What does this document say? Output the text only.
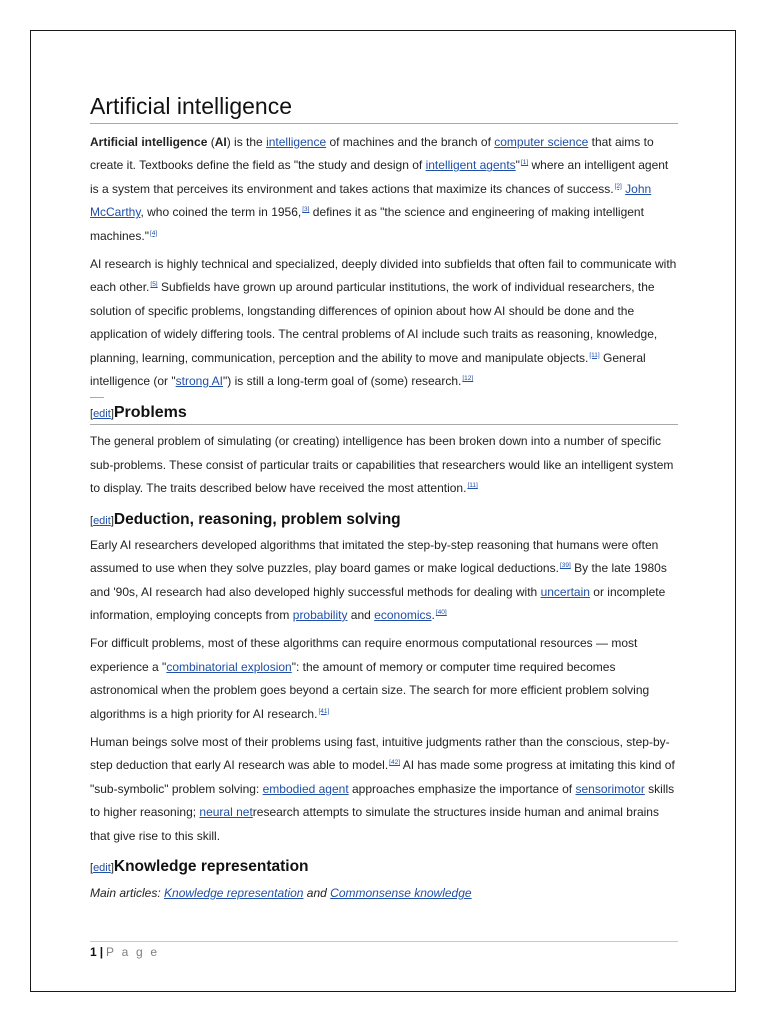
Artificial intelligence

Artificial intelligence (AI) is the intelligence of machines and the branch of computer science that aims to create it. Textbooks define the field as "the study and design of intelligent agents"[1] where an intelligent agent is a system that perceives its environment and takes actions that maximize its chances of success.[2] John McCarthy, who coined the term in 1956,[3] defines it as "the science and engineering of making intelligent machines."[4]

AI research is highly technical and specialized, deeply divided into subfields that often fail to communicate with each other.[5] Subfields have grown up around particular institutions, the work of individual researchers, the solution of specific problems, longstanding differences of opinion about how AI should be done and the application of widely differing tools. The central problems of AI include such traits as reasoning, knowledge, planning, learning, communication, perception and the ability to move and manipulate objects.[11] General intelligence (or "strong AI") is still a long-term goal of (some) research.[12]

[edit]Problems

The general problem of simulating (or creating) intelligence has been broken down into a number of specific sub-problems. These consist of particular traits or capabilities that researchers would like an intelligent system to display. The traits described below have received the most attention.[11]

[edit]Deduction, reasoning, problem solving

Early AI researchers developed algorithms that imitated the step-by-step reasoning that humans were often assumed to use when they solve puzzles, play board games or make logical deductions.[39] By the late 1980s and '90s, AI research had also developed highly successful methods for dealing with uncertain or incomplete information, employing concepts from probability and economics.[40]

For difficult problems, most of these algorithms can require enormous computational resources — most experience a "combinatorial explosion": the amount of memory or computer time required becomes astronomical when the problem goes beyond a certain size. The search for more efficient problem solving algorithms is a high priority for AI research.[41]

Human beings solve most of their problems using fast, intuitive judgments rather than the conscious, step-by-step deduction that early AI research was able to model.[42] AI has made some progress at imitating this kind of "sub-symbolic" problem solving: embodied agent approaches emphasize the importance of sensorimotor skills to higher reasoning; neural netresearch attempts to simulate the structures inside human and animal brains that give rise to this skill.

[edit]Knowledge representation

Main articles: Knowledge representation and Commonsense knowledge

1 | P a g e
